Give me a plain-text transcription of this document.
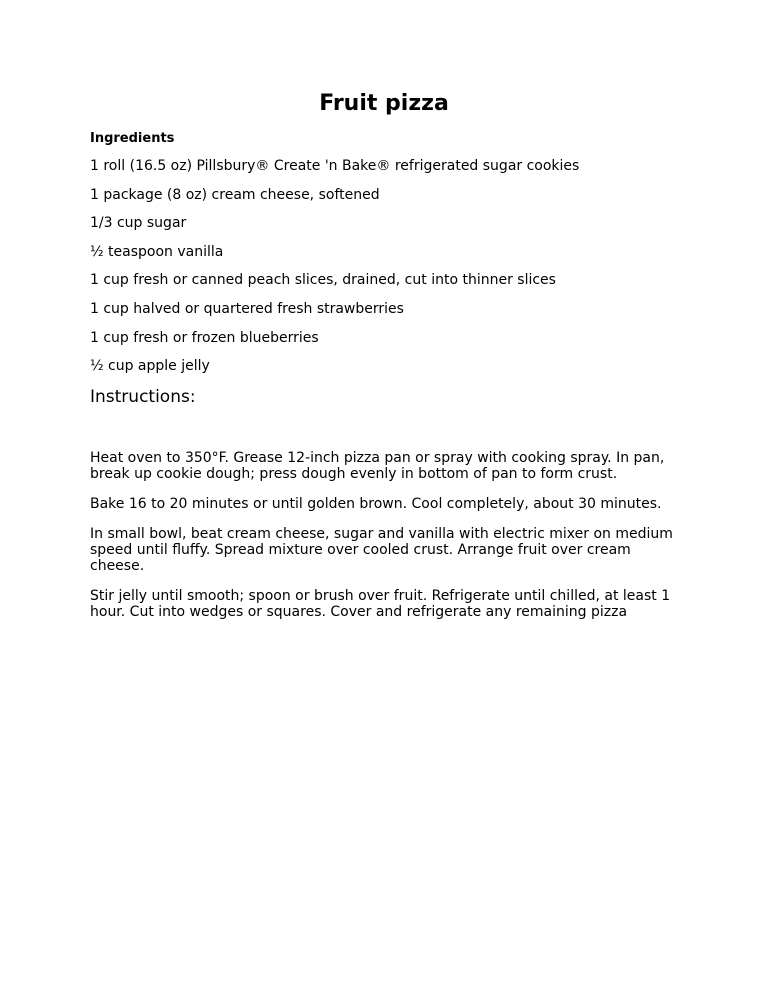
Fruit pizza
Ingredients
1 roll (16.5 oz) Pillsbury® Create 'n Bake® refrigerated sugar cookies
1 package (8 oz) cream cheese, softened
1/3 cup sugar
½ teaspoon vanilla
1 cup fresh or canned peach slices, drained, cut into thinner slices
1 cup halved or quartered fresh strawberries
1 cup fresh or frozen blueberries
½ cup apple jelly
Instructions:

Heat oven to 350°F. Grease 12-inch pizza pan or spray with cooking spray. In pan, break up cookie dough; press dough evenly in bottom of pan to form crust.

Bake 16 to 20 minutes or until golden brown. Cool completely, about 30 minutes.

In small bowl, beat cream cheese, sugar and vanilla with electric mixer on medium speed until fluffy. Spread mixture over cooled crust. Arrange fruit over cream cheese.

Stir jelly until smooth; spoon or brush over fruit. Refrigerate until chilled, at least 1 hour. Cut into wedges or squares. Cover and refrigerate any remaining pizza
